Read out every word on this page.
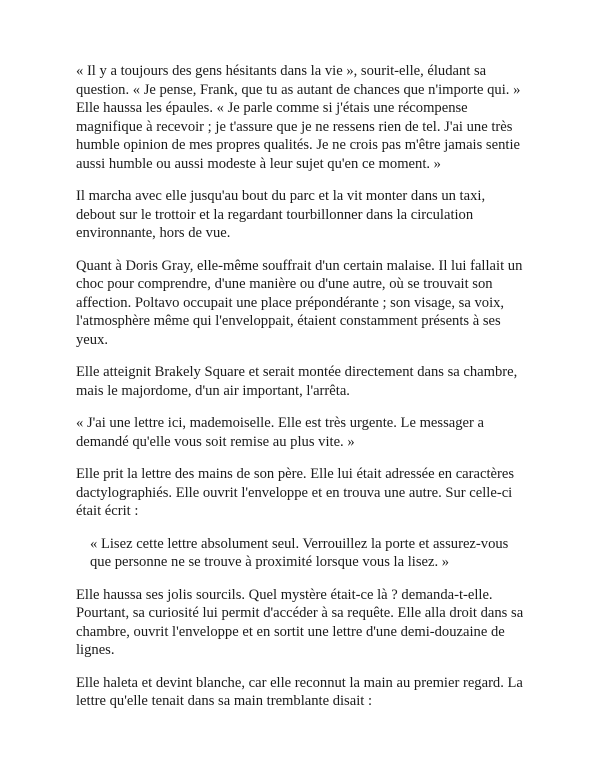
« Il y a toujours des gens hésitants dans la vie », sourit-elle, éludant sa question. « Je pense, Frank, que tu as autant de chances que n'importe qui. » Elle haussa les épaules. « Je parle comme si j'étais une récompense magnifique à recevoir ; je t'assure que je ne ressens rien de tel. J'ai une très humble opinion de mes propres qualités. Je ne crois pas m'être jamais sentie aussi humble ou aussi modeste à leur sujet qu'en ce moment. »

Il marcha avec elle jusqu'au bout du parc et la vit monter dans un taxi, debout sur le trottoir et la regardant tourbillonner dans la circulation environnante, hors de vue.

Quant à Doris Gray, elle-même souffrait d'un certain malaise. Il lui fallait un choc pour comprendre, d'une manière ou d'une autre, où se trouvait son affection. Poltavo occupait une place prépondérante ; son visage, sa voix, l'atmosphère même qui l'enveloppait, étaient constamment présents à ses yeux.

Elle atteignit Brakely Square et serait montée directement dans sa chambre, mais le majordome, d'un air important, l'arrêta.

« J'ai une lettre ici, mademoiselle. Elle est très urgente. Le messager a demandé qu'elle vous soit remise au plus vite. »

Elle prit la lettre des mains de son père. Elle lui était adressée en caractères dactylographiés. Elle ouvrit l'enveloppe et en trouva une autre. Sur celle-ci était écrit :

« Lisez cette lettre absolument seul. Verrouillez la porte et assurez-vous que personne ne se trouve à proximité lorsque vous la lisez. »

Elle haussa ses jolis sourcils. Quel mystère était-ce là ? demanda-t-elle. Pourtant, sa curiosité lui permit d'accéder à sa requête. Elle alla droit dans sa chambre, ouvrit l'enveloppe et en sortit une lettre d'une demi-douzaine de lignes.

Elle haleta et devint blanche, car elle reconnut la main au premier regard. La lettre qu'elle tenait dans sa main tremblante disait :
